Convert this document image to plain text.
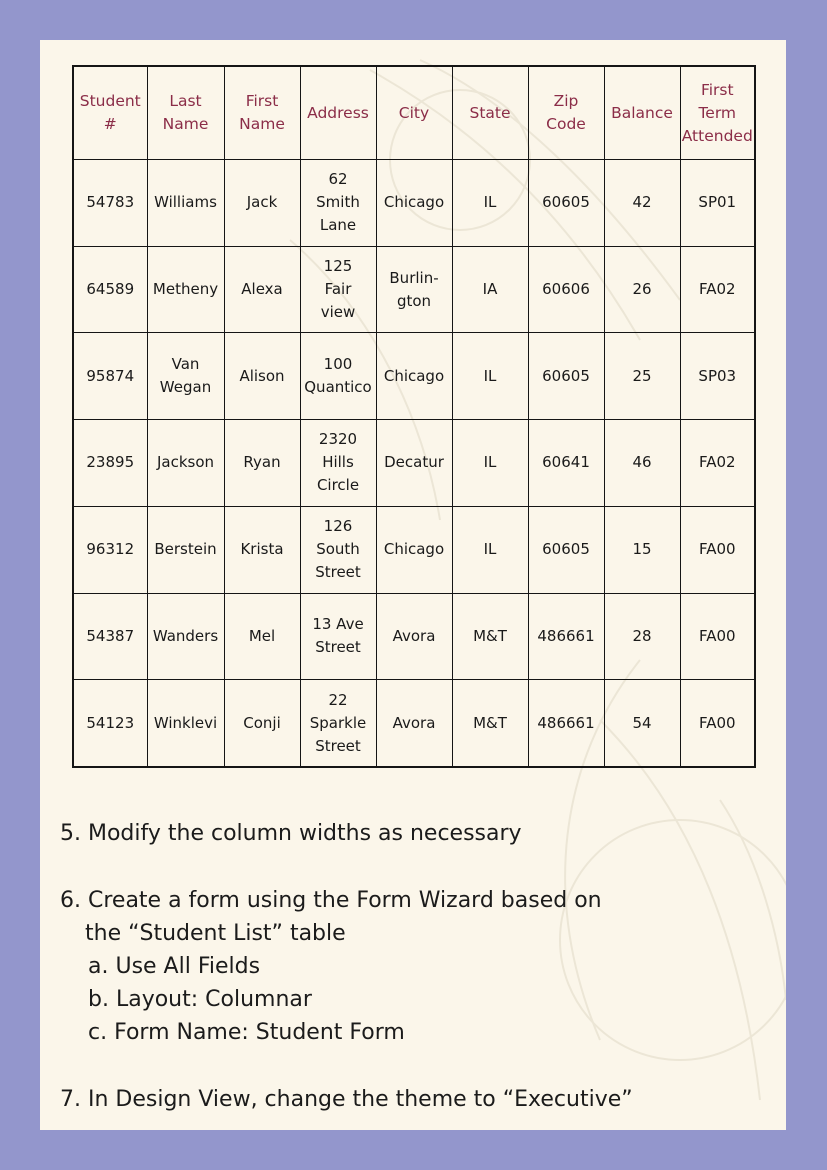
Student
#	Last
Name	First
Name	Address	City	State	Zip
Code	Balance	First
Term
Attended
54783	Williams	Jack	62
Smith
Lane	Chicago	IL	60605	42	SP01
64589	Metheny	Alexa	125
Fair
view	Burlin-
gton	IA	60606	26	FA02
95874	Van
Wegan	Alison	100
Quantico	Chicago	IL	60605	25	SP03
23895	Jackson	Ryan	2320
Hills
Circle	Decatur	IL	60641	46	FA02
96312	Berstein	Krista	126
South
Street	Chicago	IL	60605	15	FA00
54387	Wanders	Mel	13 Ave
Street	Avora	M&T	486661	28	FA00
54123	Winklevi	Conji	22
Sparkle
Street	Avora	M&T	486661	54	FA00

5. Modify the column widths as necessary

6. Create a form using the Form Wizard based on

the “Student List” table

a. Use All Fields

b. Layout: Columnar

c. Form Name: Student Form

7. In Design View, change the theme to “Executive”
